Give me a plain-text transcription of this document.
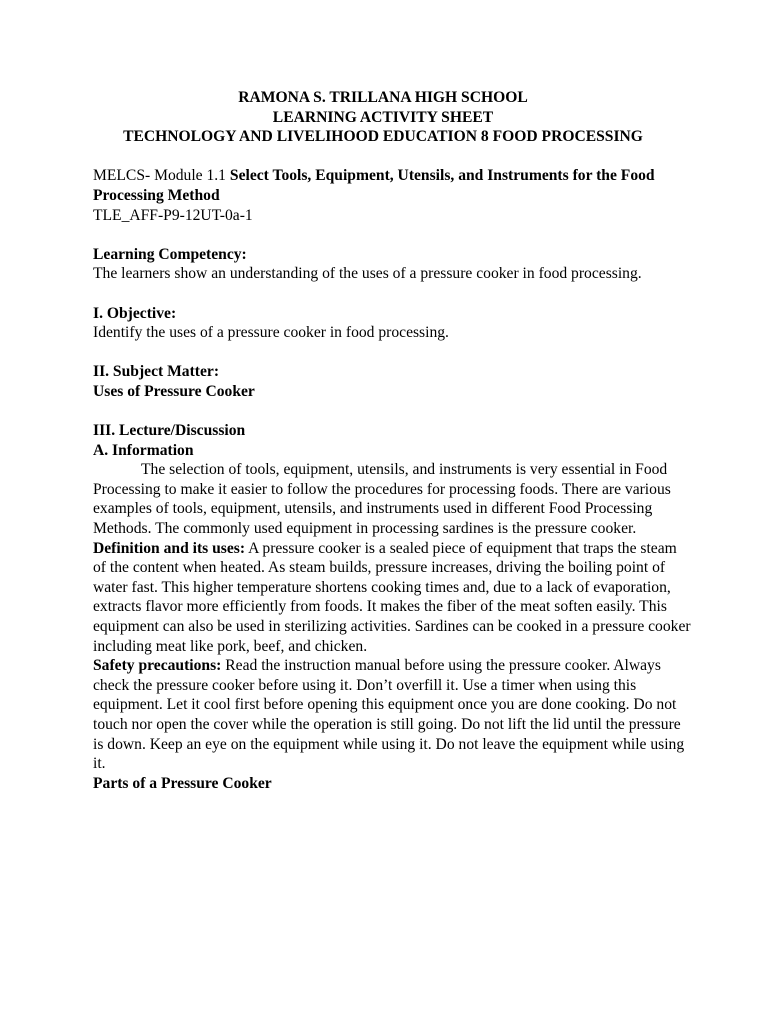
RAMONA S. TRILLANA HIGH SCHOOL
LEARNING ACTIVITY SHEET
TECHNOLOGY AND LIVELIHOOD EDUCATION 8 FOOD PROCESSING

MELCS- Module 1.1 Select Tools, Equipment, Utensils, and Instruments for the Food Processing Method

TLE_AFF-P9-12UT-0a-1

Learning Competency:

The learners show an understanding of the uses of a pressure cooker in food processing.

I. Objective:

Identify the uses of a pressure cooker in food processing.

II. Subject Matter:

Uses of Pressure Cooker

III. Lecture/Discussion

A. Information

The selection of tools, equipment, utensils, and instruments is very essential in Food Processing to make it easier to follow the procedures for processing foods. There are various examples of tools, equipment, utensils, and instruments used in different Food Processing Methods. The commonly used equipment in processing sardines is the pressure cooker.

Definition and its uses: A pressure cooker is a sealed piece of equipment that traps the steam of the content when heated. As steam builds, pressure increases, driving the boiling point of water fast. This higher temperature shortens cooking times and, due to a lack of evaporation, extracts flavor more efficiently from foods. It makes the fiber of the meat soften easily. This equipment can also be used in sterilizing activities. Sardines can be cooked in a pressure cooker including meat like pork, beef, and chicken.

Safety precautions: Read the instruction manual before using the pressure cooker. Always check the pressure cooker before using it. Don’t overfill it. Use a timer when using this equipment. Let it cool first before opening this equipment once you are done cooking. Do not touch nor open the cover while the operation is still going. Do not lift the lid until the pressure is down. Keep an eye on the equipment while using it. Do not leave the equipment while using it.

Parts of a Pressure Cooker
